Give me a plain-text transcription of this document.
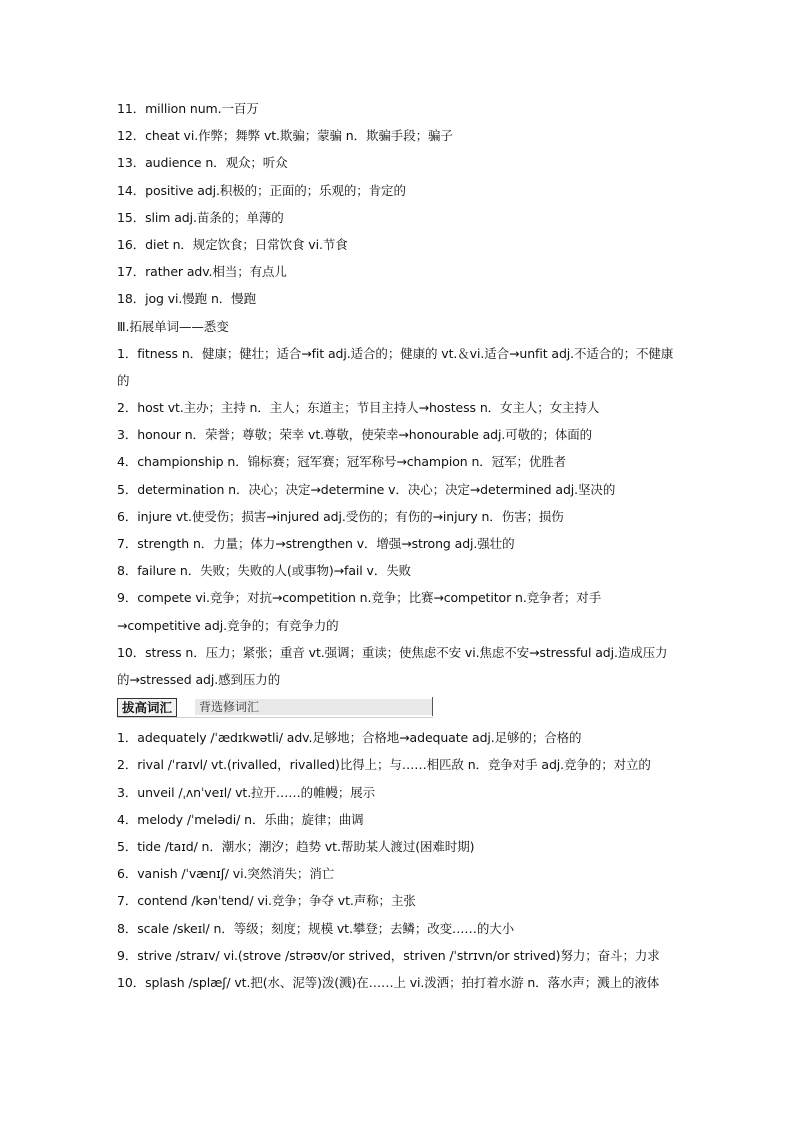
11．million num.一百万
12．cheat vi.作弊；舞弊 vt.欺骗；蒙骗 n．欺骗手段；骗子
13．audience n．观众；听众
14．positive adj.积极的；正面的；乐观的；肯定的
15．slim adj.苗条的；单薄的
16．diet n．规定饮食；日常饮食 vi.节食
17．rather adv.相当；有点儿
18．jog vi.慢跑 n．慢跑
Ⅲ.拓展单词——悉变
1．fitness n．健康；健壮；适合→fit adj.适合的；健康的 vt.＆vi.适合→unfit adj.不适合的；不健康的
2．host vt.主办；主持 n．主人；东道主；节目主持人→hostess n．女主人；女主持人
3．honour n．荣誉；尊敬；荣幸 vt.尊敬，使荣幸→honourable adj.可敬的；体面的
4．championship n．锦标赛；冠军赛；冠军称号→champion n．冠军；优胜者
5．determination n．决心；决定→determine v．决心；决定→determined adj.坚决的
6．injure vt.使受伤；损害→injured adj.受伤的；有伤的→injury n．伤害；损伤
7．strength n．力量；体力→strengthen v．增强→strong adj.强壮的
8．failure n．失败；失败的人(或事物)→fail v．失败
9．compete vi.竞争；对抗→competition n.竞争；比赛→competitor n.竞争者；对手→competitive adj.竞争的；有竞争力的
10．stress n．压力；紧张；重音 vt.强调；重读；使焦虑不安 vi.焦虑不安→stressful adj.造成压力的→stressed adj.感到压力的
拔高词汇	背选修词汇
1．adequately /ˈædɪkwətli/ adv.足够地；合格地→adequate adj.足够的；合格的
2．rival /ˈraɪvl/ vt.(rivalled，rivalled)比得上；与……相匹敌 n．竞争对手 adj.竞争的；对立的
3．unveil /ˌʌnˈveɪl/ vt.拉开……的帷幔；展示
4．melody /ˈmelədi/ n．乐曲；旋律；曲调
5．tide /taɪd/ n．潮水；潮汐；趋势 vt.帮助某人渡过(困难时期)
6．vanish /ˈvænɪʃ/ vi.突然消失；消亡
7．contend /kənˈtend/ vi.竞争；争夺 vt.声称；主张
8．scale /skeɪl/ n．等级；刻度；规模 vt.攀登；去鳞；改变……的大小
9．strive /straɪv/ vi.(strove /strəʊv/or strived，striven /ˈstrɪvn/or strived)努力；奋斗；力求
10．splash /splæʃ/ vt.把(水、泥等)泼(溅)在……上 vi.泼洒；拍打着水游 n．落水声；溅上的液体
